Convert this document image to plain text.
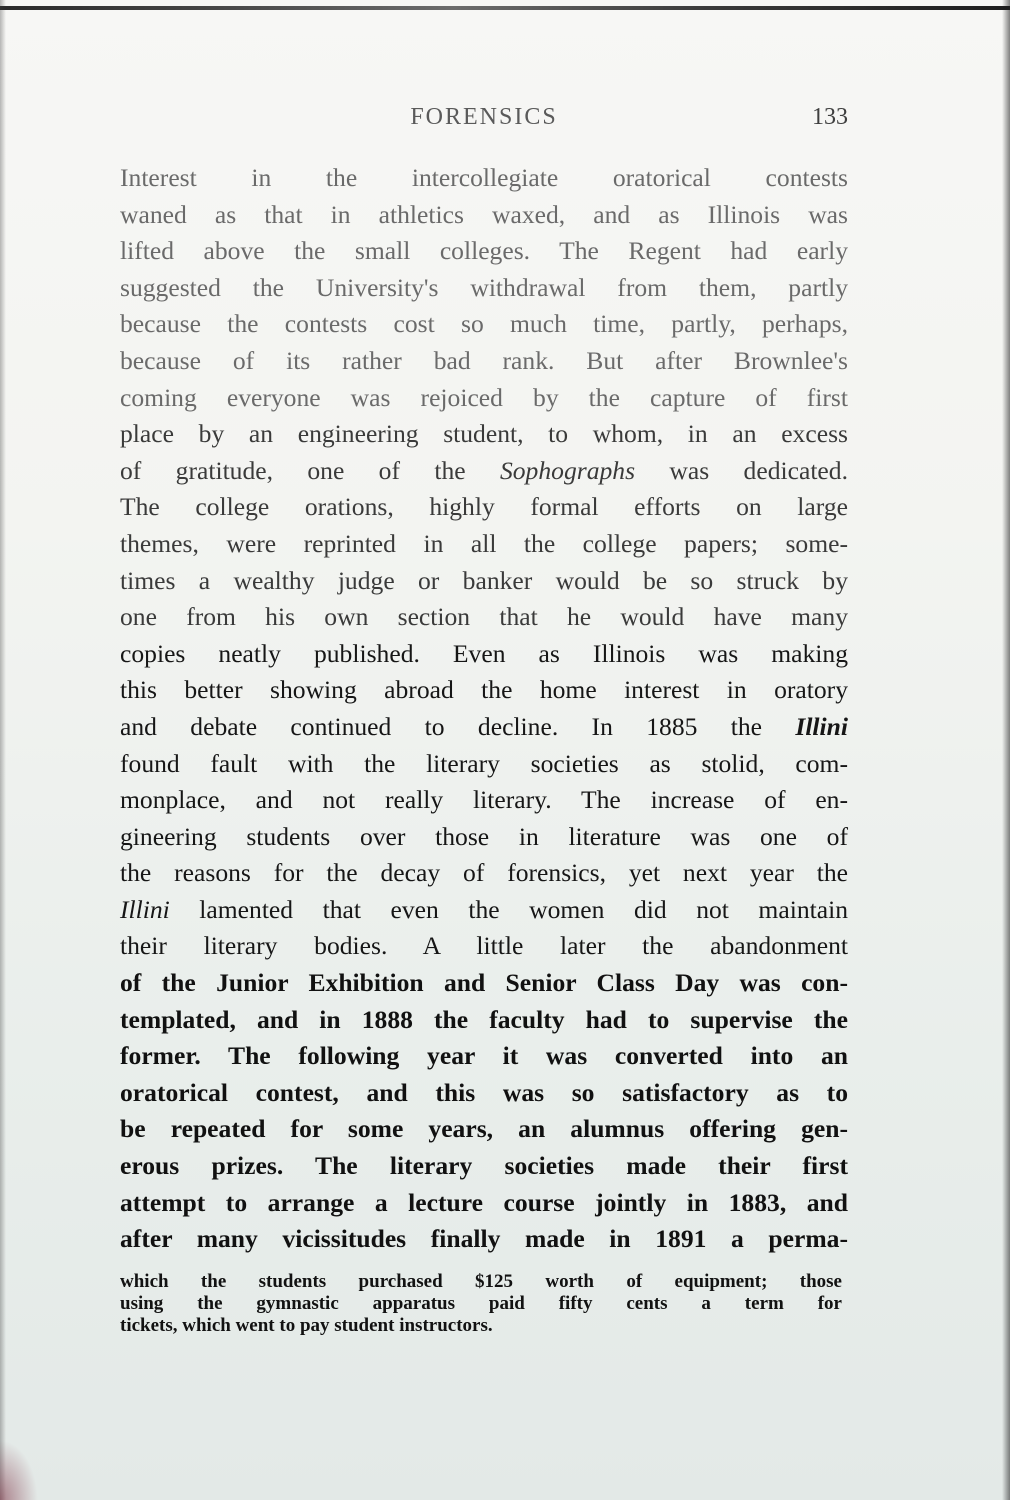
FORENSICS	133
Interest in the intercollegiate oratorical contests
waned as that in athletics waxed, and as Illinois was
lifted above the small colleges. The Regent had early
suggested the University's withdrawal from them, partly
because the contests cost so much time, partly, perhaps,
because of its rather bad rank. But after Brownlee's
coming everyone was rejoiced by the capture of first
place by an engineering student, to whom, in an excess
of gratitude, one of the Sophographs was dedicated.
The college orations, highly formal efforts on large
themes, were reprinted in all the college papers; some-
times a wealthy judge or banker would be so struck by
one from his own section that he would have many
copies neatly published. Even as Illinois was making
this better showing abroad the home interest in oratory
and debate continued to decline. In 1885 the Illini
found fault with the literary societies as stolid, com-
monplace, and not really literary. The increase of en-
gineering students over those in literature was one of
the reasons for the decay of forensics, yet next year the
Illini lamented that even the women did not maintain
their literary bodies. A little later the abandonment
of the Junior Exhibition and Senior Class Day was con-
templated, and in 1888 the faculty had to supervise the
former. The following year it was converted into an
oratorical contest, and this was so satisfactory as to
be repeated for some years, an alumnus offering gen-
erous prizes. The literary societies made their first
attempt to arrange a lecture course jointly in 1883, and
after many vicissitudes finally made in 1891 a perma-
which the students purchased $125 worth of equipment; those
using the gymnastic apparatus paid fifty cents a term for
tickets, which went to pay student instructors.
